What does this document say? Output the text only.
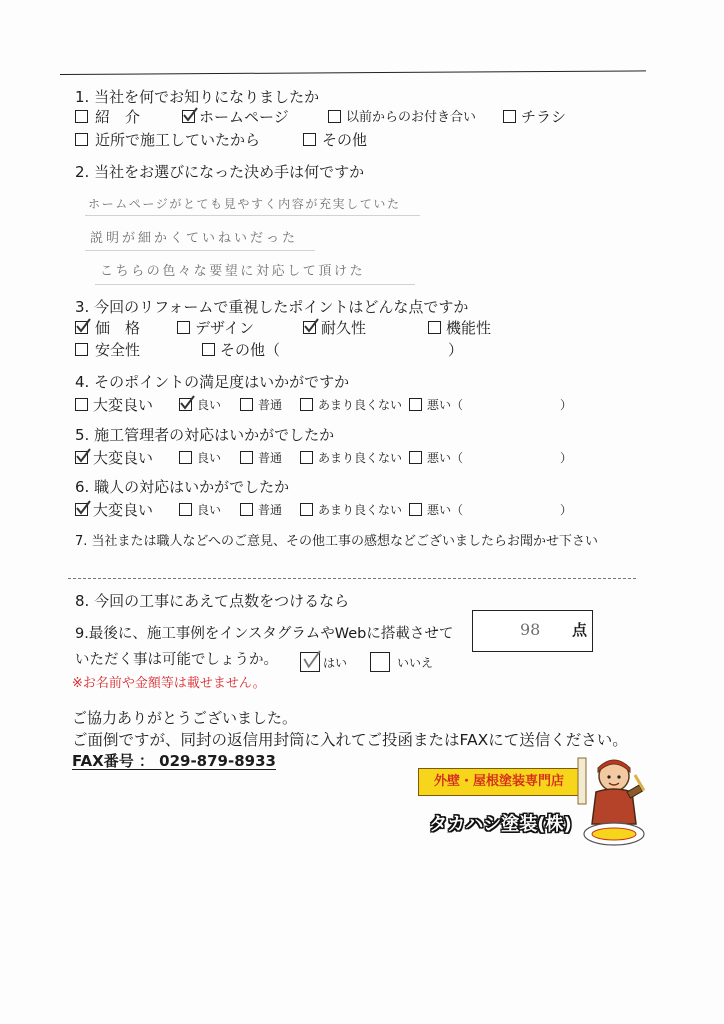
1. 当社を何でお知りになりましたか
紹　介	ホームページ	以前からのお付き合い	チラシ
近所で施工していたから	その他
2. 当社をお選びになった決め手は何ですか
ホームページがとても見やすく内容が充実していた
説明が細かくていねいだった
こちらの色々な要望に対応して頂けた
3. 今回のリフォームで重視したポイントはどんな点ですか
価　格	デザイン	耐久性	機能性
安全性	その他（	）
4. そのポイントの満足度はいかがですか
大変良い	良い	普通	あまり良くない 悪い（	）
5. 施工管理者の対応はいかがでしたか
大変良い	良い	普通	あまり良くない 悪い（	）
6. 職人の対応はいかがでしたか
大変良い	良い	普通	あまり良くない 悪い（	）
7. 当社または職人などへのご意見、その他工事の感想などございましたらお聞かせ下さい
8. 今回の工事にあえて点数をつけるなら
98 点
9.最後に、施工事例をインスタグラムやWebに搭載させて
いただく事は可能でしょうか。	はい	いいえ
※お名前や金額等は載せません。
ご協力ありがとうございました。
ご面倒ですが、同封の返信用封筒に入れてご投函またはFAXにて送信ください。
FAX番号 ： 029-879-8933
外壁・屋根塗装専門店
タカハシ塗装(株)
